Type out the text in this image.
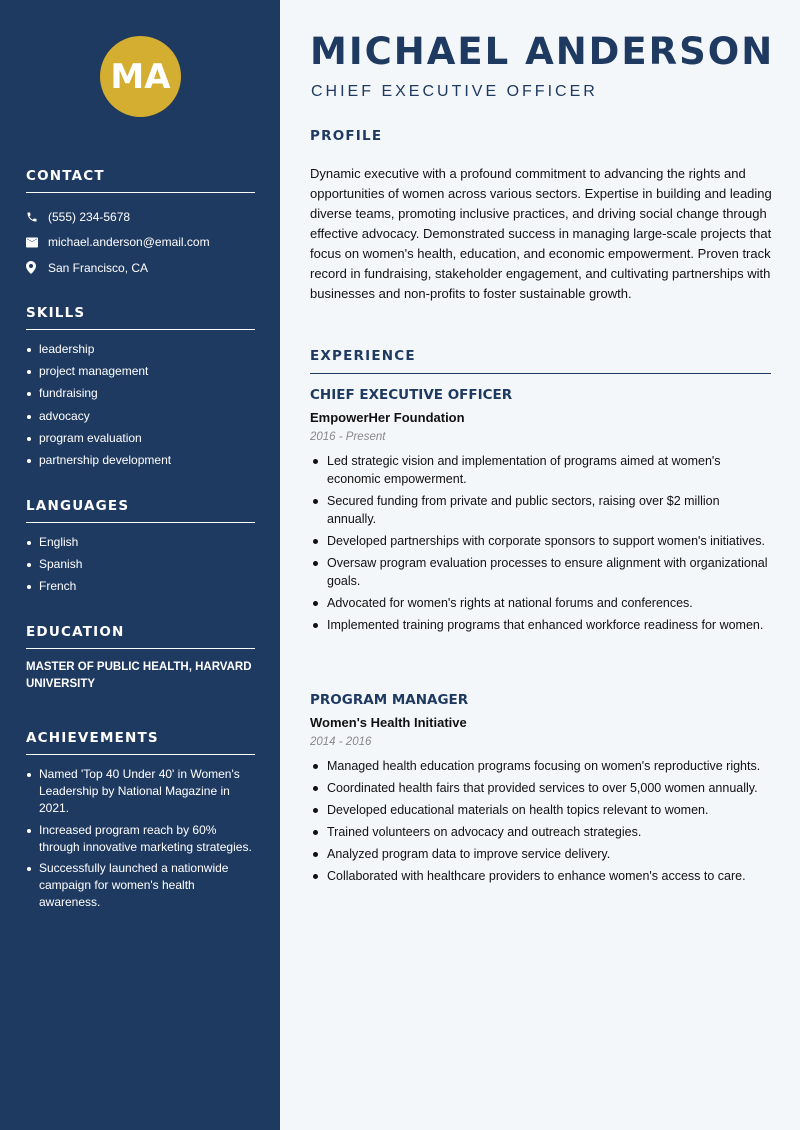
MA
CONTACT
(555) 234-5678
michael.anderson@email.com
San Francisco, CA
SKILLS
leadership
project management
fundraising
advocacy
program evaluation
partnership development
LANGUAGES
English
Spanish
French
EDUCATION
MASTER OF PUBLIC HEALTH, HARVARD UNIVERSITY
ACHIEVEMENTS
Named 'Top 40 Under 40' in Women's Leadership by National Magazine in 2021.
Increased program reach by 60% through innovative marketing strategies.
Successfully launched a nationwide campaign for women's health awareness.
MICHAEL ANDERSON
CHIEF EXECUTIVE OFFICER
PROFILE
Dynamic executive with a profound commitment to advancing the rights and opportunities of women across various sectors. Expertise in building and leading diverse teams, promoting inclusive practices, and driving social change through effective advocacy. Demonstrated success in managing large-scale projects that focus on women's health, education, and economic empowerment. Proven track record in fundraising, stakeholder engagement, and cultivating partnerships with businesses and non-profits to foster sustainable growth.
EXPERIENCE
CHIEF EXECUTIVE OFFICER
EmpowerHer Foundation
2016 - Present
Led strategic vision and implementation of programs aimed at women's economic empowerment.
Secured funding from private and public sectors, raising over $2 million annually.
Developed partnerships with corporate sponsors to support women's initiatives.
Oversaw program evaluation processes to ensure alignment with organizational goals.
Advocated for women's rights at national forums and conferences.
Implemented training programs that enhanced workforce readiness for women.
PROGRAM MANAGER
Women's Health Initiative
2014 - 2016
Managed health education programs focusing on women's reproductive rights.
Coordinated health fairs that provided services to over 5,000 women annually.
Developed educational materials on health topics relevant to women.
Trained volunteers on advocacy and outreach strategies.
Analyzed program data to improve service delivery.
Collaborated with healthcare providers to enhance women's access to care.
